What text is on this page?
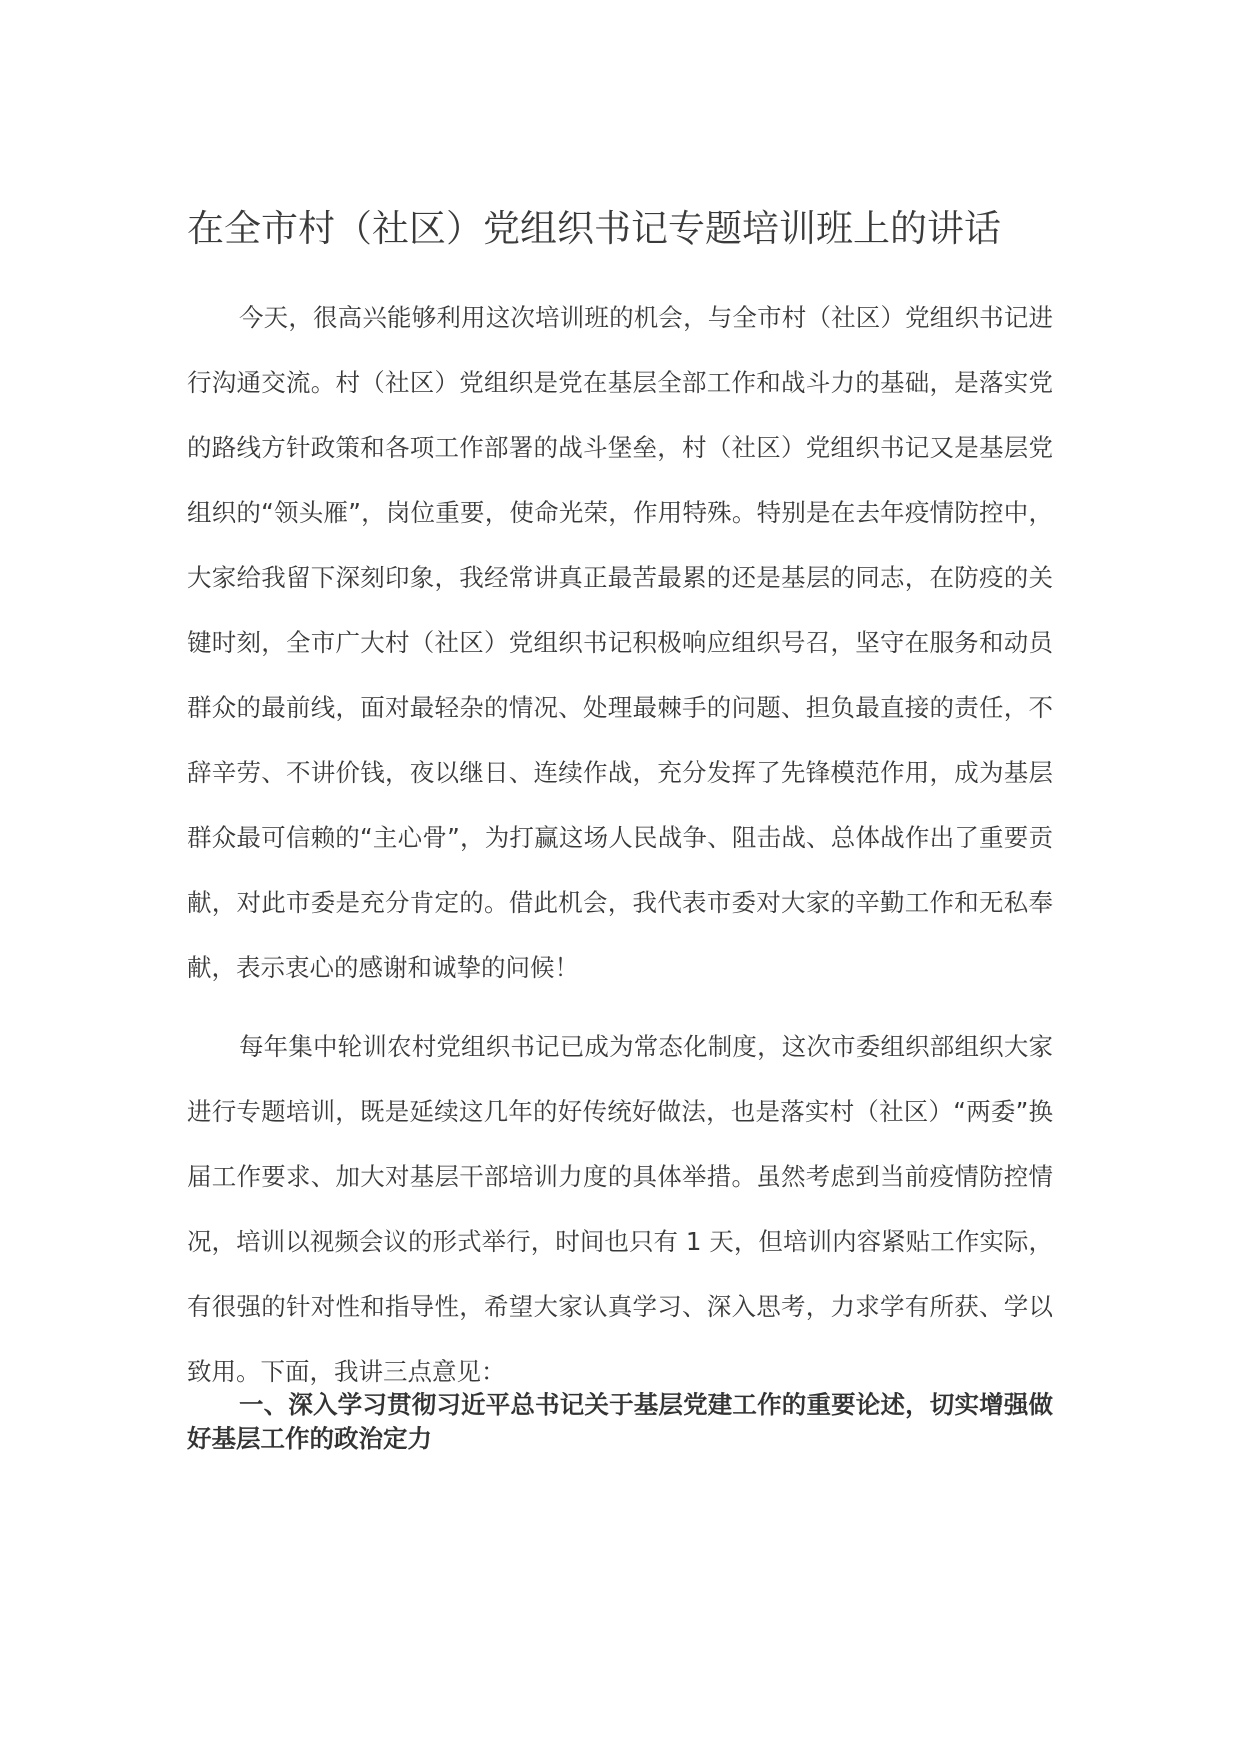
在全市村（社区）党组织书记专题培训班上的讲话

今天，很高兴能够利用这次培训班的机会，与全市村（社区）党组织书记进行沟通交流。村（社区）党组织是党在基层全部工作和战斗力的基础，是落实党的路线方针政策和各项工作部署的战斗堡垒，村（社区）党组织书记又是基层党组织的“领头雁”，岗位重要，使命光荣，作用特殊。特别是在去年疫情防控中，大家给我留下深刻印象，我经常讲真正最苦最累的还是基层的同志，在防疫的关键时刻，全市广大村（社区）党组织书记积极响应组织号召，坚守在服务和动员群众的最前线，面对最轻杂的情况、处理最棘手的问题、担负最直接的责任，不辞辛劳、不讲价钱，夜以继日、连续作战，充分发挥了先锋模范作用，成为基层群众最可信赖的“主心骨”，为打赢这场人民战争、阻击战、总体战作出了重要贡献，对此市委是充分肯定的。借此机会，我代表市委对大家的辛勤工作和无私奉献，表示衷心的感谢和诚挚的问候！

每年集中轮训农村党组织书记已成为常态化制度，这次市委组织部组织大家进行专题培训，既是延续这几年的好传统好做法，也是落实村（社区）“两委”换届工作要求、加大对基层干部培训力度的具体举措。虽然考虑到当前疫情防控情况，培训以视频会议的形式举行，时间也只有 1 天，但培训内容紧贴工作实际，有很强的针对性和指导性，希望大家认真学习、深入思考，力求学有所获、学以致用。下面，我讲三点意见：

一、深入学习贯彻习近平总书记关于基层党建工作的重要论述，切实增强做好基层工作的政治定力
